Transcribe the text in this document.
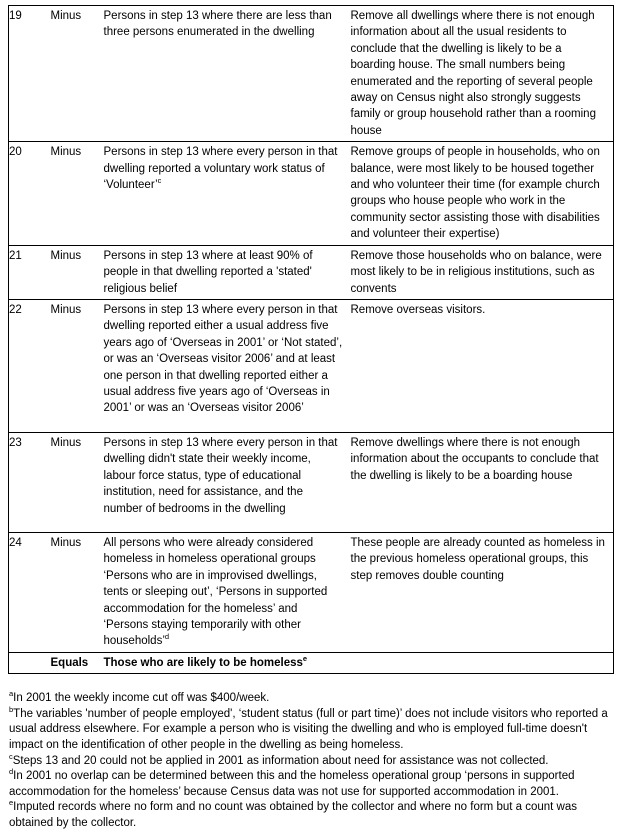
19	Minus	Persons in step 13 where there are less than three persons enumerated in the dwelling	Remove all dwellings where there is not enough information about all the usual residents to conclude that the dwelling is likely to be a boarding house. The small numbers being enumerated and the reporting of several people away on Census night also strongly suggests family or group household rather than a rooming house
20	Minus	Persons in step 13 where every person in that dwelling reported a voluntary work status of ‘Volunteer’$^c$	Remove groups of people in households, who on balance, were most likely to be housed together and who volunteer their time (for example church groups who house people who work in the community sector assisting those with disabilities and volunteer their expertise)
21	Minus	Persons in step 13 where at least 90% of people in that dwelling reported a 'stated' religious belief	Remove those households who on balance, were most likely to be in religious institutions, such as convents
22	Minus	Persons in step 13 where every person in that dwelling reported either a usual address five years ago of ‘Overseas in 2001’ or ‘Not stated’, or was an ‘Overseas visitor 2006’ and at least one person in that dwelling reported either a usual address five years ago of ‘Overseas in 2001’ or was an ‘Overseas visitor 2006’	Remove overseas visitors.
23	Minus	Persons in step 13 where every person in that dwelling didn't state their weekly income, labour force status, type of educational institution, need for assistance, and the number of bedrooms in the dwelling	Remove dwellings where there is not enough information about the occupants to conclude that the dwelling is likely to be a boarding house
24	Minus	All persons who were already considered homeless in homeless operational groups ‘Persons who are in improvised dwellings, tents or sleeping out’, ‘Persons in supported accommodation for the homeless’ and ‘Persons staying temporarily with other households’$^d$	These people are already counted as homeless in the previous homeless operational groups, this step removes double counting
	Equals	Those who are likely to be homeless$^e$

$^a$In 2001 the weekly income cut off was $400/week.

$^b$The variables 'number of people employed', ‘student status (full or part time)’ does not include visitors who reported a usual address elsewhere. For example a person who is visiting the dwelling and who is employed full-time doesn't impact on the identification of other people in the dwelling as being homeless.

$^c$Steps 13 and 20 could not be applied in 2001 as information about need for assistance was not collected.

$^d$In 2001 no overlap can be determined between this and the homeless operational group ‘persons in supported accommodation for the homeless’ because Census data was not use for supported accommodation in 2001.

$^e$Imputed records where no form and no count was obtained by the collector and where no form but a count was obtained by the collector.
